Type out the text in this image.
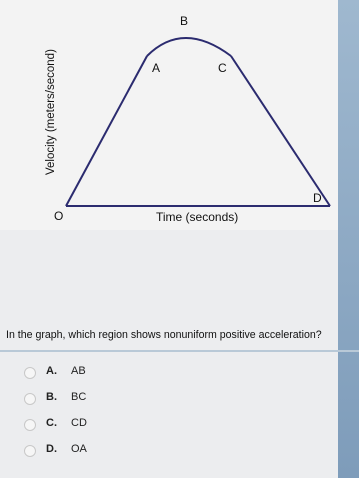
Velocity (meters/second)
O
A
B
C
D
Time (seconds)
In the graph, which region shows nonuniform positive acceleration?
A. AB
B. BC
C. CD
D. OA
